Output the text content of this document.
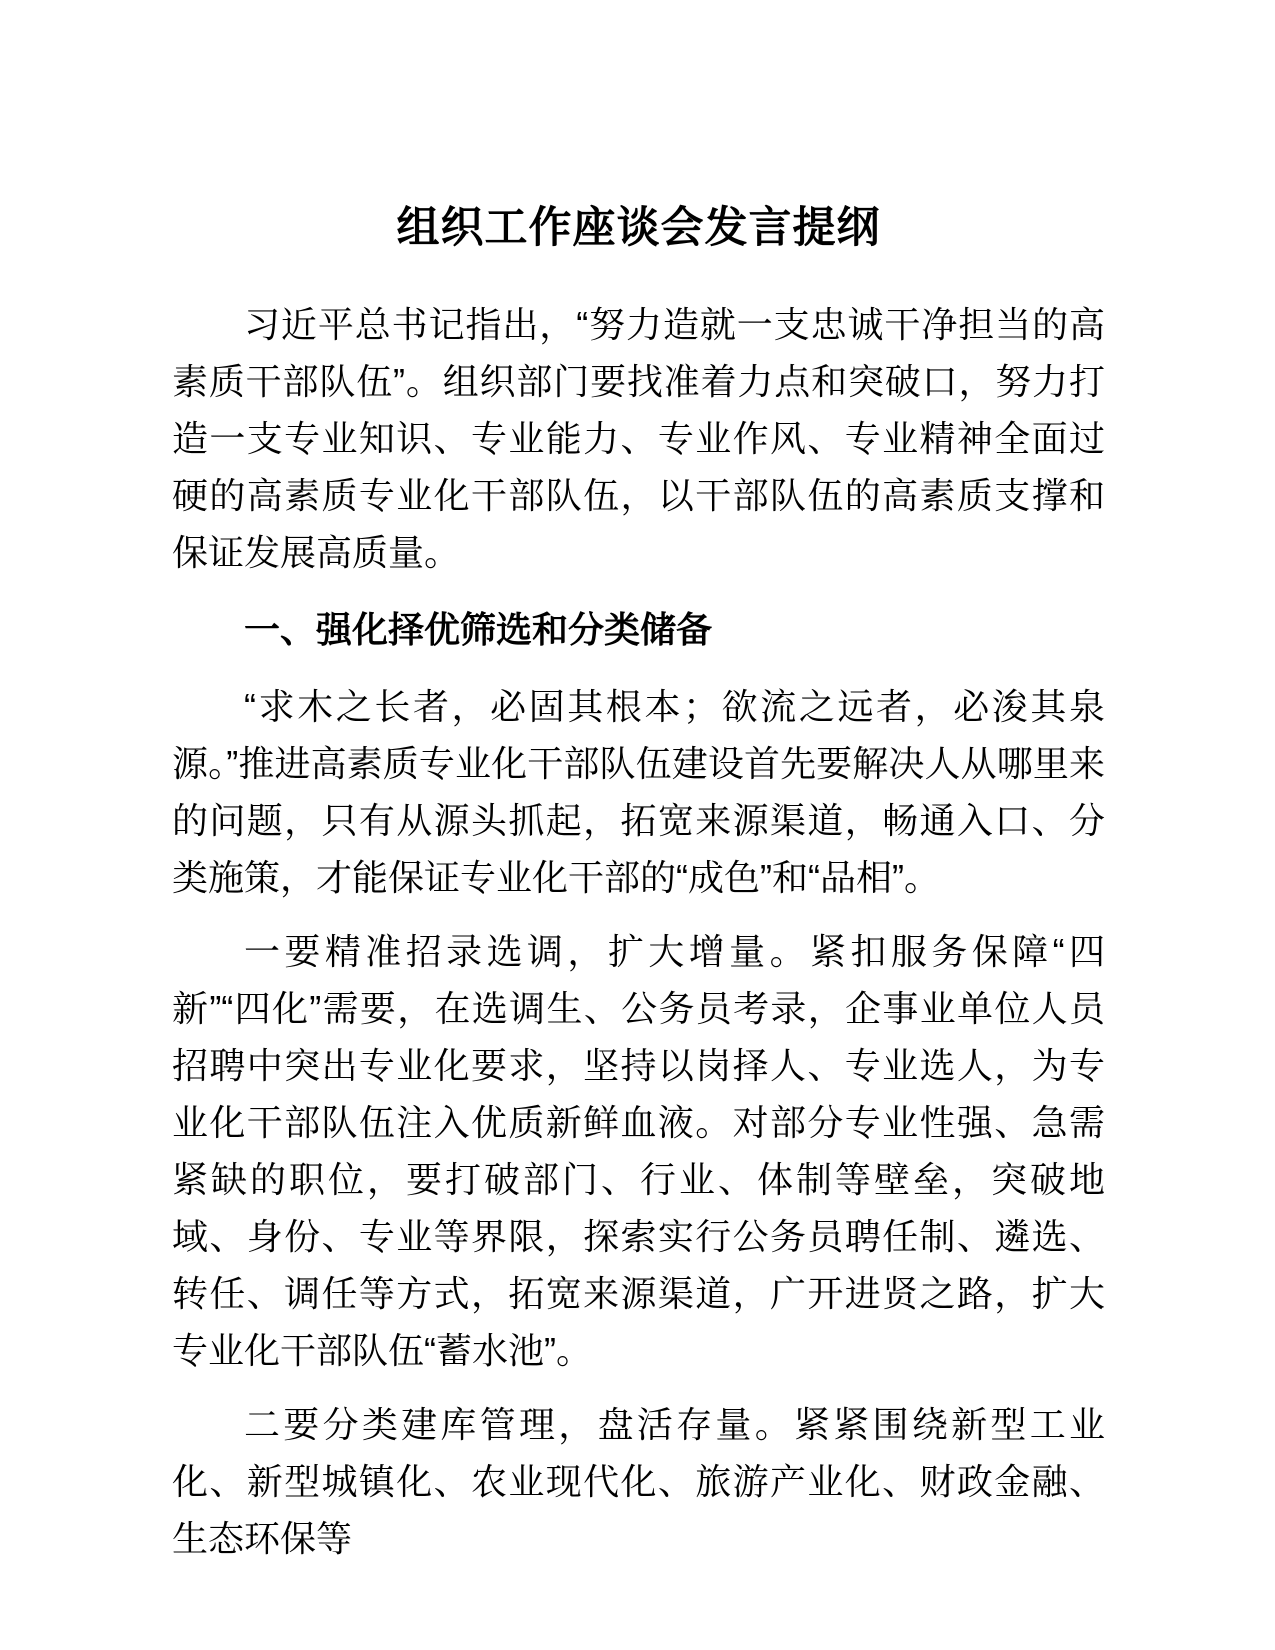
组织工作座谈会发言提纲

习近平总书记指出，“努力造就一支忠诚干净担当的高素质干部队伍”。组织部门要找准着力点和突破口，努力打造一支专业知识、专业能力、专业作风、专业精神全面过硬的高素质专业化干部队伍，以干部队伍的高素质支撑和保证发展高质量。

一、强化择优筛选和分类储备

“求木之长者，必固其根本；欲流之远者，必浚其泉源。”推进高素质专业化干部队伍建设首先要解决人从哪里来的问题，只有从源头抓起，拓宽来源渠道，畅通入口、分类施策，才能保证专业化干部的“成色”和“品相”。

一要精准招录选调，扩大增量。紧扣服务保障“四新”“四化”需要，在选调生、公务员考录，企事业单位人员招聘中突出专业化要求，坚持以岗择人、专业选人，为专业化干部队伍注入优质新鲜血液。对部分专业性强、急需紧缺的职位，要打破部门、行业、体制等壁垒，突破地域、身份、专业等界限，探索实行公务员聘任制、遴选、转任、调任等方式，拓宽来源渠道，广开进贤之路，扩大专业化干部队伍“蓄水池”。

二要分类建库管理，盘活存量。紧紧围绕新型工业化、新型城镇化、农业现代化、旅游产业化、财政金融、生态环保等
